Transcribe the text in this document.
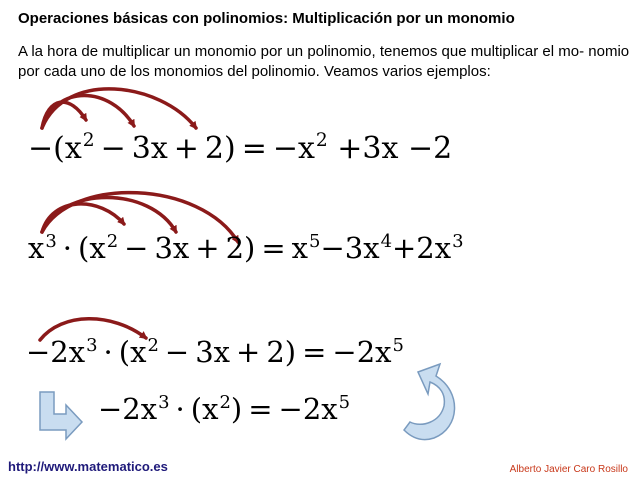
Operaciones básicas con polinomios: Multiplicación por un monomio

A la hora de multiplicar un monomio por un polinomio, tenemos que multiplicar el mo- nomio por cada uno de los monomios del polinomio. Veamos varios ejemplos:

$-(x^2 - 3x + 2) = -x^2 +3x -2$
$x^3 \cdot (x^2 - 3x + 2) = x^5-3x^4+2x^3$
$-2x^3 \cdot (x^2 - 3x + 2) = -2x^5$
$-2x^3 \cdot (x^2) = -2x^5$
http://www.matematico.es	Alberto Javier Caro Rosillo
